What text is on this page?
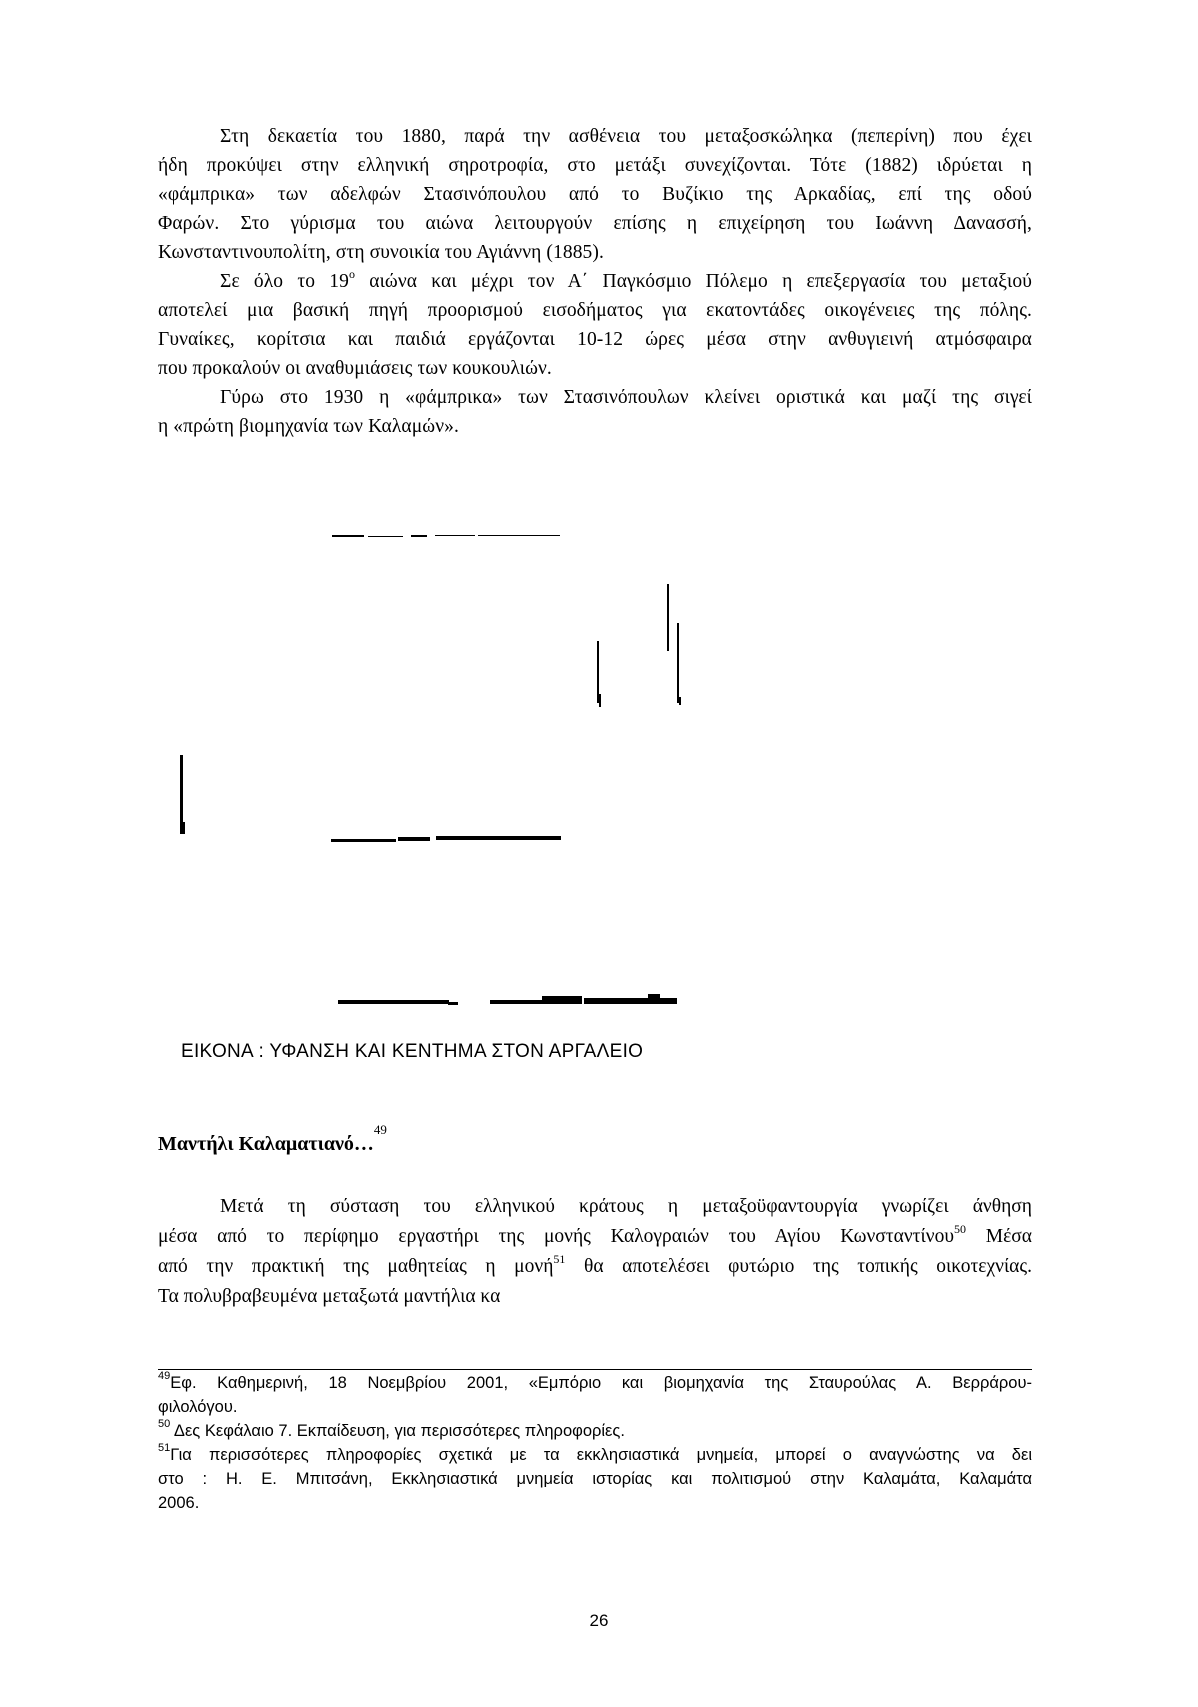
Στη δεκαετία του 1880, παρά την ασθένεια του μεταξοσκώληκα (πεπερίνη) που έχει
ήδη προκύψει στην ελληνική σηροτροφία, στο μετάξι συνεχίζονται. Τότε (1882) ιδρύεται η
«φάμπρικα» των αδελφών Στασινόπουλου από το Βυζίκιο της Αρκαδίας, επί της οδού
Φαρών. Στο γύρισμα του αιώνα λειτουργούν επίσης η επιχείρηση του Ιωάννη Δανασσή,
Κωνσταντινουπολίτη, στη συνοικία του Αγιάννη (1885).
Σε όλο το $19^o$ αιώνα και μέχρι τον Α΄ Παγκόσμιο Πόλεμο η επεξεργασία του μεταξιού
αποτελεί μια βασική πηγή προορισμού εισοδήματος για εκατοντάδες οικογένειες της πόλης.
Γυναίκες, κορίτσια και παιδιά εργάζονται 10-12 ώρες μέσα στην ανθυγιεινή ατμόσφαιρα
που προκαλούν οι αναθυμιάσεις των κουκουλιών.
Γύρω στο 1930 η «φάμπρικα» των Στασινόπουλων κλείνει οριστικά και μαζί της σιγεί
η «πρώτη βιομηχανία των Καλαμών».
ΕΙΚΟΝΑ : ΥΦΑΝΣΗ ΚΑΙ ΚΕΝΤΗΜΑ ΣΤΟΝ ΑΡΓΑΛΕΙΟ
Μαντήλι Καλαματιανό…$^{49}$
Μετά τη σύσταση του ελληνικού κράτους η μεταξοϋφαντουργία γνωρίζει άνθηση
μέσα από το περίφημο εργαστήρι της μονής Καλογραιών του Αγίου Κωνσταντίνου$^{50}$ Μέσα
από την πρακτική της μαθητείας η μονή$^{51}$ θα αποτελέσει φυτώριο της τοπικής οικοτεχνίας.
Τα πολυβραβευμένα μεταξωτά μαντήλια κα

$^{49}$Εφ. Καθημερινή, 18 Νοεμβρίου 2001, «Εμπόριο και βιομηχανία της Σταυρούλας Α. Βερράρου-
φιλολόγου.

$^{50}$ Δες Κεφάλαιο 7. Εκπαίδευση, για περισσότερες πληροφορίες.

$^{51}$Για περισσότερες πληροφορίες σχετικά με τα εκκλησιαστικά μνημεία, μπορεί ο αναγνώστης να δει
στο : Η. Ε. Μπιτσάνη, Εκκλησιαστικά μνημεία ιστορίας και πολιτισμού στην Καλαμάτα, Καλαμάτα
2006.

26
